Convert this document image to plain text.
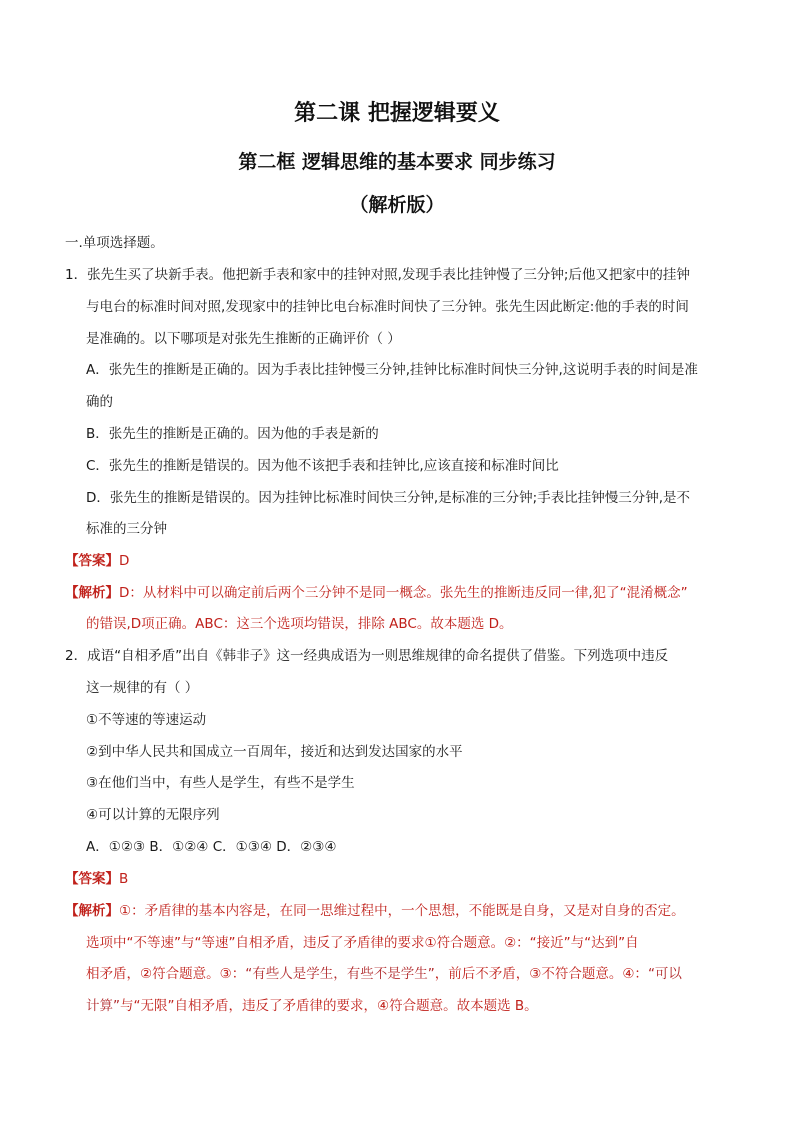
第二课 把握逻辑要义
第二框 逻辑思维的基本要求 同步练习
（解析版）
一.单项选择题。
1．张先生买了块新手表。他把新手表和家中的挂钟对照,发现手表比挂钟慢了三分钟;后他又把家中的挂钟
与电台的标准时间对照,发现家中的挂钟比电台标准时间快了三分钟。张先生因此断定:他的手表的时间
是准确的。以下哪项是对张先生推断的正确评价（ ）
A．张先生的推断是正确的。因为手表比挂钟慢三分钟,挂钟比标准时间快三分钟,这说明手表的时间是准
确的
B．张先生的推断是正确的。因为他的手表是新的
C．张先生的推断是错误的。因为他不该把手表和挂钟比,应该直接和标准时间比
D．张先生的推断是错误的。因为挂钟比标准时间快三分钟,是标准的三分钟;手表比挂钟慢三分钟,是不
标准的三分钟
【答案】D
【解析】D：从材料中可以确定前后两个三分钟不是同一概念。张先生的推断违反同一律,犯了“混淆概念”
的错误,D项正确。ABC：这三个选项均错误，排除 ABC。故本题选 D。
2．成语“自相矛盾”出自《韩非子》这一经典成语为一则思维规律的命名提供了借鉴。下列选项中违反
这一规律的有（ ）
①不等速的等速运动
②到中华人民共和国成立一百周年，接近和达到发达国家的水平
③在他们当中，有些人是学生，有些不是学生
④可以计算的无限序列
A．①②③ B．①②④ C．①③④ D．②③④
【答案】B
【解析】①：矛盾律的基本内容是，在同一思维过程中，一个思想，不能既是自身，又是对自身的否定。
选项中“不等速”与“等速”自相矛盾，违反了矛盾律的要求①符合题意。②：“接近”与“达到”自
相矛盾，②符合题意。③：“有些人是学生，有些不是学生”，前后不矛盾，③不符合题意。④：“可以
计算”与“无限”自相矛盾，违反了矛盾律的要求，④符合题意。故本题选 B。
